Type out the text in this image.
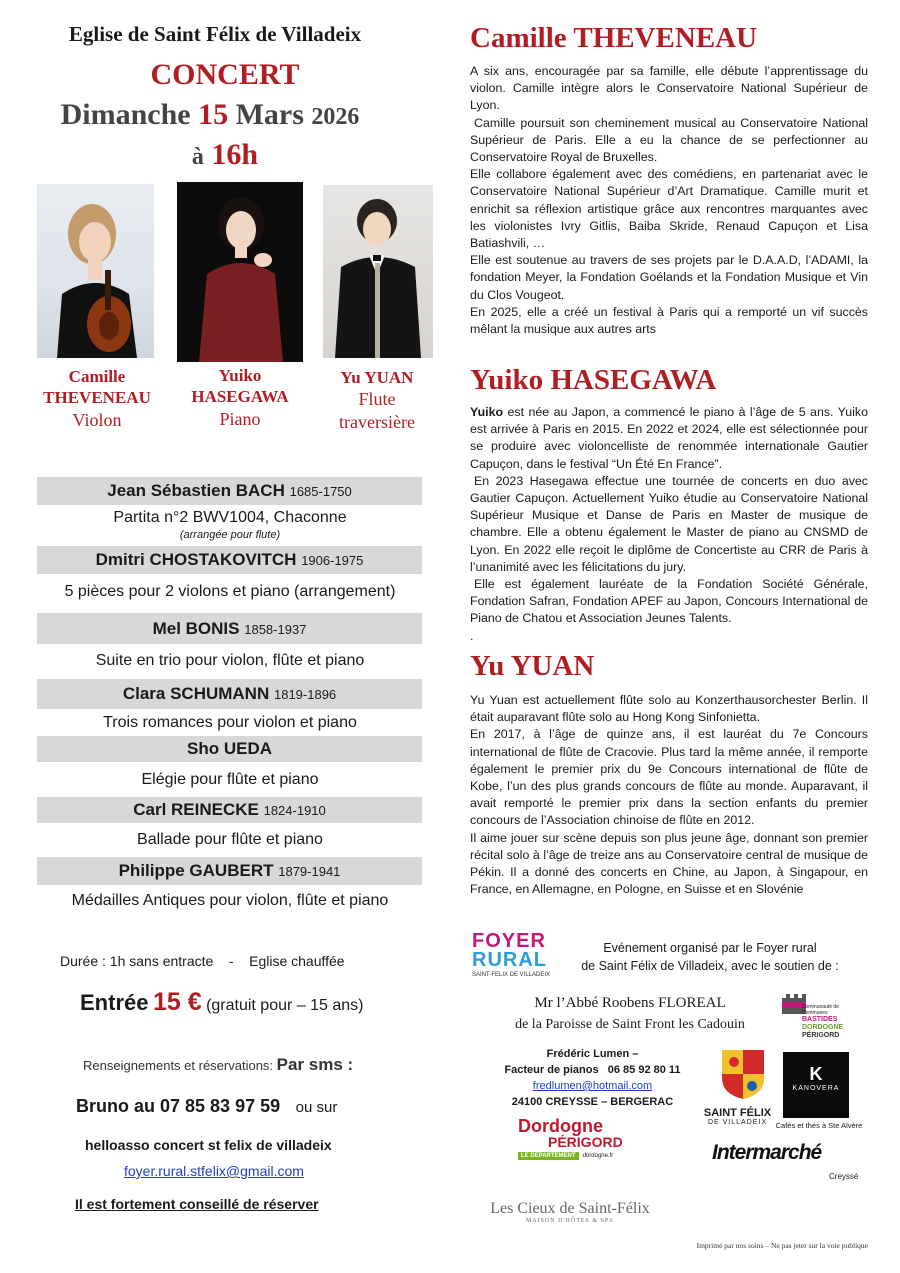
Eglise de Saint Félix de Villadeix
CONCERT
Dimanche 15 Mars 2026
à 16h
Camille
THEVENEAU
Violon
Yuiko
HASEGAWA
Piano
Yu YUAN
Flute
traversière
Jean Sébastien BACH 1685-1750
Partita n°2 BWV1004, Chaconne
(arrangée pour flute)
Dmitri CHOSTAKOVITCH 1906-1975
5 pièces pour 2 violons et piano (arrangement)
Mel BONIS 1858-1937
Suite en trio pour violon, flûte et piano
Clara SCHUMANN 1819-1896
Trois romances pour violon et piano
Sho UEDA
Elégie pour flûte et piano
Carl REINECKE 1824-1910
Ballade pour flûte et piano
Philippe GAUBERT 1879-1941
Médailles Antiques pour violon, flûte et piano
Durée : 1h sans entracte - Eglise chauffée
Entrée 15 € (gratuit pour – 15 ans)
Renseignements et réservations: Par sms :
Bruno au 07 85 83 97 59 ou sur
helloasso concert st felix de villadeix
foyer.rural.stfelix@gmail.com
Il est fortement conseillé de réserver
Camille THEVENEAU
A six ans, encouragée par sa famille, elle débute l’apprentissage du violon. Camille intègre alors le Conservatoire National Supérieur de Lyon.
Camille poursuit son cheminement musical au Conservatoire National Supérieur de Paris. Elle a eu la chance de se perfectionner au Conservatoire Royal de Bruxelles.
Elle collabore également avec des comédiens, en partenariat avec le Conservatoire National Supérieur d’Art Dramatique. Camille murit et enrichit sa réflexion artistique grâce aux rencontres marquantes avec les violonistes Ivry Gitlis, Baiba Skride, Renaud Capuçon et Lisa Batiashvili, …
Elle est soutenue au travers de ses projets par le D.A.A.D, l’ADAMI, la fondation Meyer, la Fondation Goélands et la Fondation Musique et Vin du Clos Vougeot.
En 2025, elle a créé un festival à Paris qui a remporté un vif succès mêlant la musique aux autres arts
Yuiko HASEGAWA
Yuiko est née au Japon, a commencé le piano à l’âge de 5 ans. Yuiko est arrivée à Paris en 2015. En 2022 et 2024, elle est sélectionnée pour se produire avec violoncelliste de renommée internationale Gautier Capuçon, dans le festival “Un Été En France”.
En 2023 Hasegawa effectue une tournée de concerts en duo avec Gautier Capuçon. Actuellement Yuiko étudie au Conservatoire National Supérieur Musique et Danse de Paris en Master de musique de chambre. Elle a obtenu également le Master de piano au CNSMD de Lyon. En 2022 elle reçoit le diplôme de Concertiste au CRR de Paris à l’unanimité avec les félicitations du jury.
Elle est également lauréate de la Fondation Société Générale, Fondation Safran, Fondation APEF au Japon, Concours International de Piano de Chatou et Association Jeunes Talents.
.
Yu YUAN
Yu Yuan est actuellement flûte solo au Konzerthausorchester Berlin. Il était auparavant flûte solo au Hong Kong Sinfonietta.
En 2017, à l’âge de quinze ans, il est lauréat du 7e Concours international de flûte de Cracovie. Plus tard la même année, il remporte également le premier prix du 9e Concours international de flûte de Kobe, l’un des plus grands concours de flûte au monde. Auparavant, il avait remporté le premier prix dans la section enfants du premier concours de l’Association chinoise de flûte en 2012.
Il aime jouer sur scène depuis son plus jeune âge, donnant son premier récital solo à l’âge de treize ans au Conservatoire central de musique de Pékin. Il a donné des concerts en Chine, au Japon, à Singapour, en France, en Allemagne, en Pologne, en Suisse et en Slovénie
FOYER
RURAL
SAINT-FELIX DE VILLADEIX
Evénement organisé par le Foyer rural
de Saint Félix de Villadeix, avec le soutien de :
Mr l’Abbé Roobens FLOREAL
de la Paroisse de Saint Front les Cadouin
Communauté de Communes
BASTIDES
DORDOGNE
PÉRIGORD
Frédéric Lumen –
Facteur de pianos 06 85 92 80 11
fredlumen@hotmail.com
24100 CREYSSE – BERGERAC
SAINT FÉLIX
DE VILLADEIX
K
KANOVERA
Cafés et thés à Ste Alvère
Dordogne
PÉRIGORD
LE DÉPARTEMENT	dordogne.fr	Intermarché
Creyssé
Les Cieux de Saint-Félix
MAISON D'HÔTES & SPA
Imprimé par nos soins – Ne pas jeter sur la voie publique
